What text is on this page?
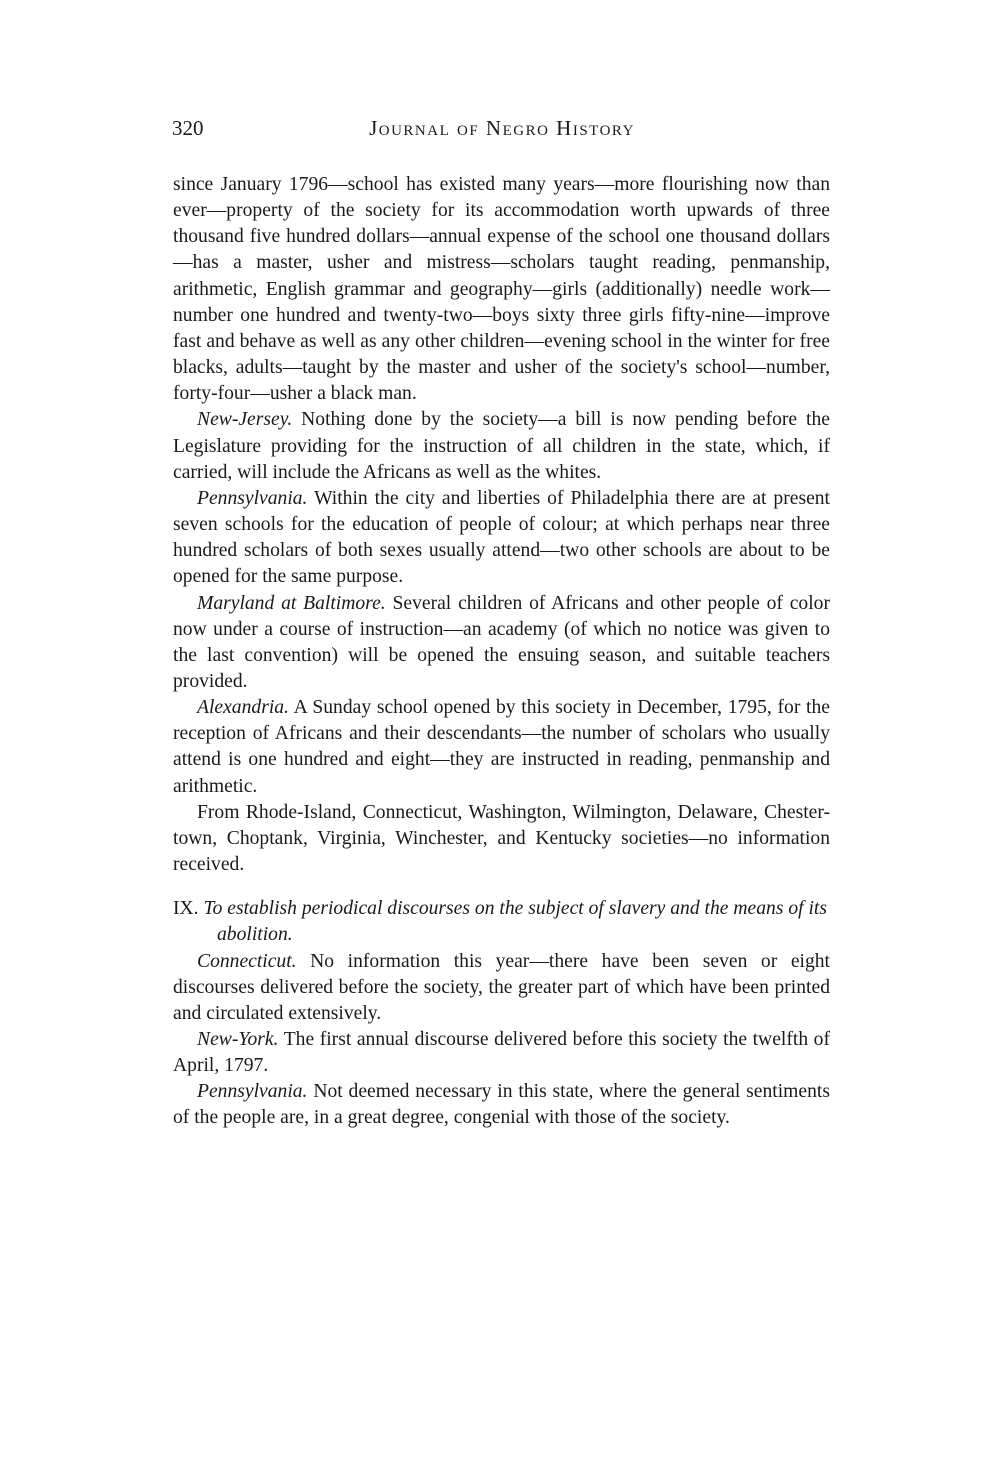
320	Journal of Negro History

since January 1796—school has existed many years—more flourishing now than ever—property of the society for its accommodation worth upwards of three thousand five hundred dollars—annual expense of the school one thousand dollars—has a master, usher and mistress—scholars taught reading, penmanship, arithmetic, English grammar and geography—girls (additionally) needle work—number one hundred and twenty-two—boys sixty three girls fifty-nine—improve fast and behave as well as any other children—evening school in the winter for free blacks, adults—taught by the master and usher of the society's school—number, forty-four—usher a black man.

New-Jersey. Nothing done by the society—a bill is now pending before the Legislature providing for the instruction of all children in the state, which, if carried, will include the Africans as well as the whites.

Pennsylvania. Within the city and liberties of Philadelphia there are at present seven schools for the education of people of colour; at which perhaps near three hundred scholars of both sexes usually attend—two other schools are about to be opened for the same purpose.

Maryland at Baltimore. Several children of Africans and other people of color now under a course of instruction—an academy (of which no notice was given to the last convention) will be opened the ensuing season, and suitable teachers provided.

Alexandria. A Sunday school opened by this society in December, 1795, for the reception of Africans and their descendants—the number of scholars who usually attend is one hundred and eight—they are instructed in reading, penmanship and arithmetic.

From Rhode-Island, Connecticut, Washington, Wilmington, Delaware, Chester-town, Choptank, Virginia, Winchester, and Kentucky societies—no information received.

IX. To establish periodical discourses on the subject of slavery and the means of its abolition.

Connecticut. No information this year—there have been seven or eight discourses delivered before the society, the greater part of which have been printed and circulated extensively.

New-York. The first annual discourse delivered before this society the twelfth of April, 1797.

Pennsylvania. Not deemed necessary in this state, where the general sentiments of the people are, in a great degree, congenial with those of the society.
